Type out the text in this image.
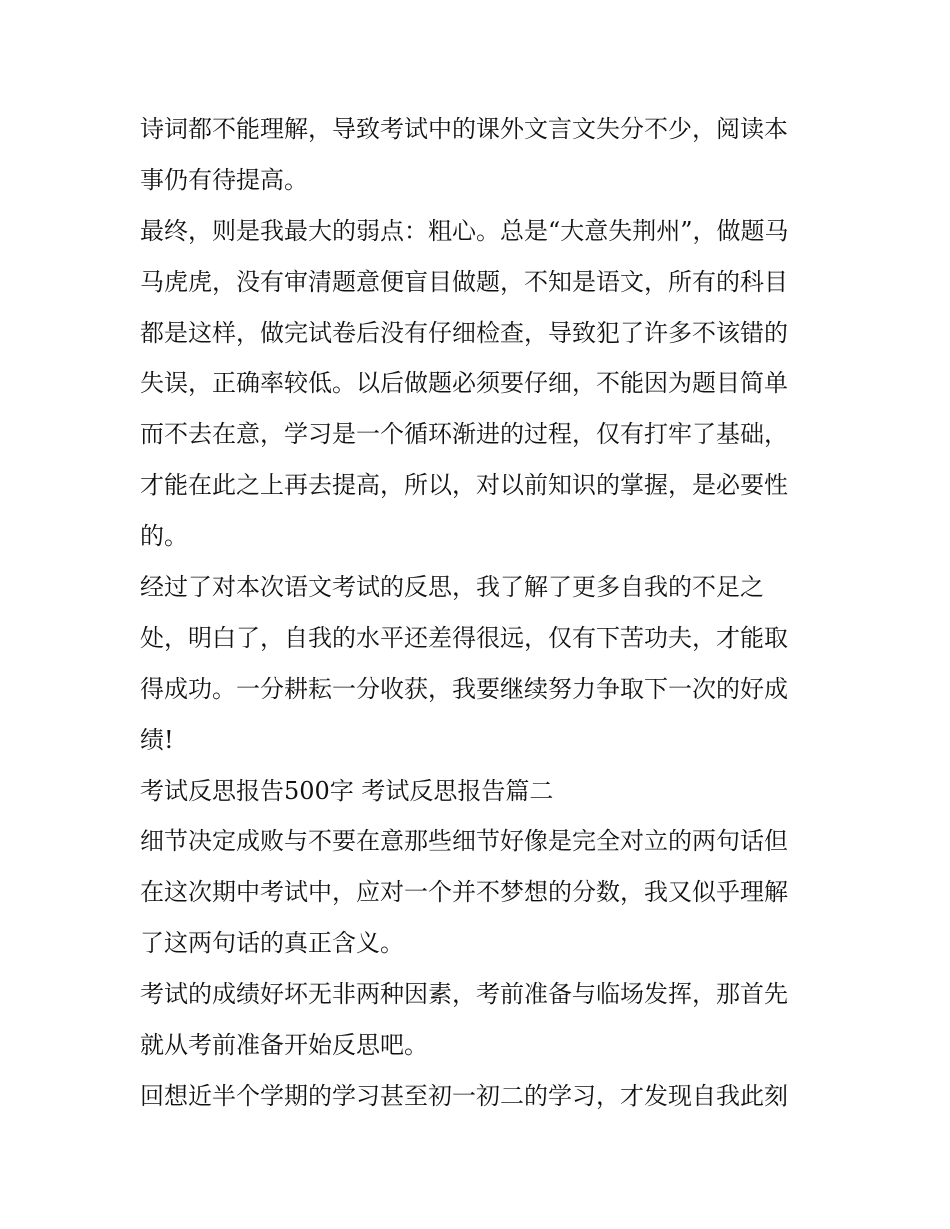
诗词都不能理解，导致考试中的课外文言文失分不少，阅读本
事仍有待提高。
最终，则是我最大的弱点：粗心。总是“大意失荆州”，做题马
马虎虎，没有审清题意便盲目做题，不知是语文，所有的科目
都是这样，做完试卷后没有仔细检查，导致犯了许多不该错的
失误，正确率较低。以后做题必须要仔细，不能因为题目简单
而不去在意，学习是一个循环渐进的过程，仅有打牢了基础，
才能在此之上再去提高，所以，对以前知识的掌握，是必要性
的。
经过了对本次语文考试的反思，我了解了更多自我的不足之
处，明白了，自我的水平还差得很远，仅有下苦功夫，才能取
得成功。一分耕耘一分收获，我要继续努力争取下一次的好成
绩!
考试反思报告500字 考试反思报告篇二
细节决定成败与不要在意那些细节好像是完全对立的两句话但
在这次期中考试中，应对一个并不梦想的分数，我又似乎理解
了这两句话的真正含义。
考试的成绩好坏无非两种因素，考前准备与临场发挥，那首先
就从考前准备开始反思吧。
回想近半个学期的学习甚至初一初二的学习，才发现自我此刻
